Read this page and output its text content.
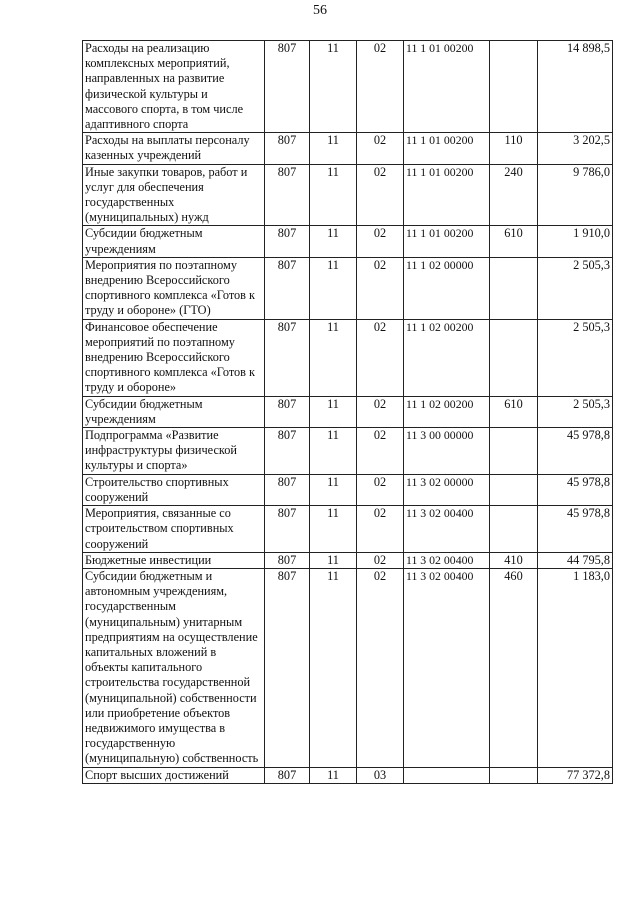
56
Расходы на реализацию комплексных мероприятий, направленных на развитие физической культуры и массового спорта, в том числе адаптивного спорта	807	11	02	11 1 01 00200		14 898,5
Расходы на выплаты персоналу казенных учреждений	807	11	02	11 1 01 00200	110	3 202,5
Иные закупки товаров, работ и услуг для обеспечения государственных (муниципальных) нужд	807	11	02	11 1 01 00200	240	9 786,0
Субсидии бюджетным учреждениям	807	11	02	11 1 01 00200	610	1 910,0
Мероприятия по поэтапному внедрению Всероссийского спортивного комплекса «Готов к труду и обороне» (ГТО)	807	11	02	11 1 02 00000		2 505,3
Финансовое обеспечение мероприятий по поэтапному внедрению Всероссийского спортивного комплекса «Готов к труду и обороне»	807	11	02	11 1 02 00200		2 505,3
Субсидии бюджетным учреждениям	807	11	02	11 1 02 00200	610	2 505,3
Подпрограмма «Развитие инфраструктуры физической культуры и спорта»	807	11	02	11 3 00 00000		45 978,8
Строительство спортивных сооружений	807	11	02	11 3 02 00000		45 978,8
Мероприятия, связанные со строительством спортивных сооружений	807	11	02	11 3 02 00400		45 978,8
Бюджетные инвестиции	807	11	02	11 3 02 00400	410	44 795,8
Субсидии бюджетным и автономным учреждениям, государственным (муниципальным) унитарным предприятиям на осуществление капитальных вложений в объекты капитального строительства государственной (муниципальной) собственности или приобретение объектов недвижимого имущества в государственную (муниципальную) собственность	807	11	02	11 3 02 00400	460	1 183,0
Спорт высших достижений	807	11	03			77 372,8
